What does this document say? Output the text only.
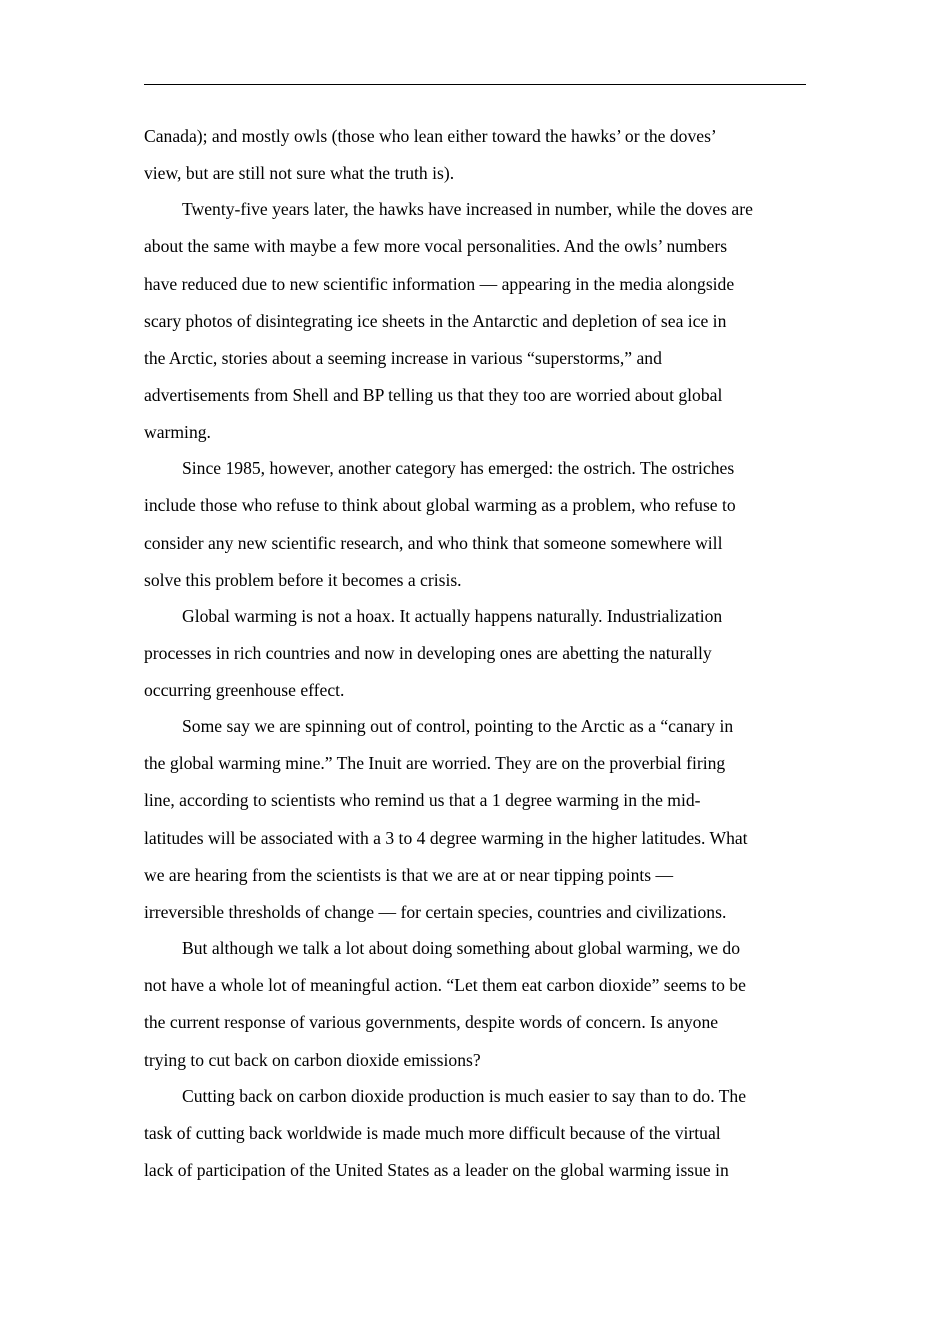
Canada); and mostly owls (those who lean either toward the hawks’ or the doves’
view, but are still not sure what the truth is).

Twenty-five years later, the hawks have increased in number, while the doves are
about the same with maybe a few more vocal personalities. And the owls’ numbers
have reduced due to new scientific information — appearing in the media alongside
scary photos of disintegrating ice sheets in the Antarctic and depletion of sea ice in
the Arctic, stories about a seeming increase in various “superstorms,” and
advertisements from Shell and BP telling us that they too are worried about global
warming.

Since 1985, however, another category has emerged: the ostrich. The ostriches
include those who refuse to think about global warming as a problem, who refuse to
consider any new scientific research, and who think that someone somewhere will
solve this problem before it becomes a crisis.

Global warming is not a hoax. It actually happens naturally. Industrialization
processes in rich countries and now in developing ones are abetting the naturally
occurring greenhouse effect.

Some say we are spinning out of control, pointing to the Arctic as a “canary in
the global warming mine.” The Inuit are worried. They are on the proverbial firing
line, according to scientists who remind us that a 1 degree warming in the mid-
latitudes will be associated with a 3 to 4 degree warming in the higher latitudes. What
we are hearing from the scientists is that we are at or near tipping points —
irreversible thresholds of change — for certain species, countries and civilizations.

But although we talk a lot about doing something about global warming, we do
not have a whole lot of meaningful action. “Let them eat carbon dioxide” seems to be
the current response of various governments, despite words of concern. Is anyone
trying to cut back on carbon dioxide emissions?

Cutting back on carbon dioxide production is much easier to say than to do. The
task of cutting back worldwide is made much more difficult because of the virtual
lack of participation of the United States as a leader on the global warming issue in
